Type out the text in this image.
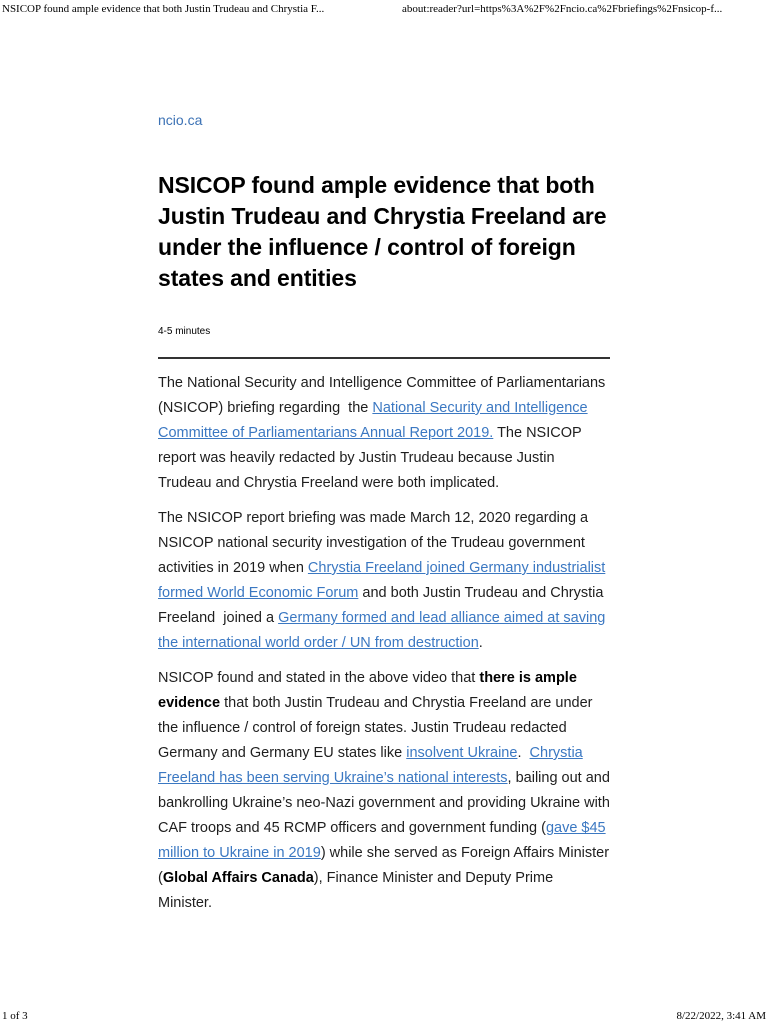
NSICOP found ample evidence that both Justin Trudeau and Chrystia F...	about:reader?url=https%3A%2F%2Fncio.ca%2Fbriefings%2Fnsicop-f...
ncio.ca
NSICOP found ample evidence that both Justin Trudeau and Chrystia Freeland are under the influence / control of foreign states and entities
4-5 minutes

The National Security and Intelligence Committee of Parliamentarians (NSICOP) briefing regarding  the National Security and Intelligence Committee of Parliamentarians Annual Report 2019. The NSICOP report was heavily redacted by Justin Trudeau because Justin Trudeau and Chrystia Freeland were both implicated.

The NSICOP report briefing was made March 12, 2020 regarding a NSICOP national security investigation of the Trudeau government activities in 2019 when Chrystia Freeland joined Germany industrialist formed World Economic Forum and both Justin Trudeau and Chrystia Freeland  joined a Germany formed and lead alliance aimed at saving the international world order / UN from destruction.

NSICOP found and stated in the above video that there is ample evidence that both Justin Trudeau and Chrystia Freeland are under the influence / control of foreign states. Justin Trudeau redacted Germany and Germany EU states like insolvent Ukraine.  Chrystia Freeland has been serving Ukraine’s national interests, bailing out and bankrolling Ukraine’s neo-Nazi government and providing Ukraine with CAF troops and 45 RCMP officers and government funding (gave $45 million to Ukraine in 2019) while she served as Foreign Affairs Minister (Global Affairs Canada), Finance Minister and Deputy Prime Minister.

1 of 3	8/22/2022, 3:41 AM
